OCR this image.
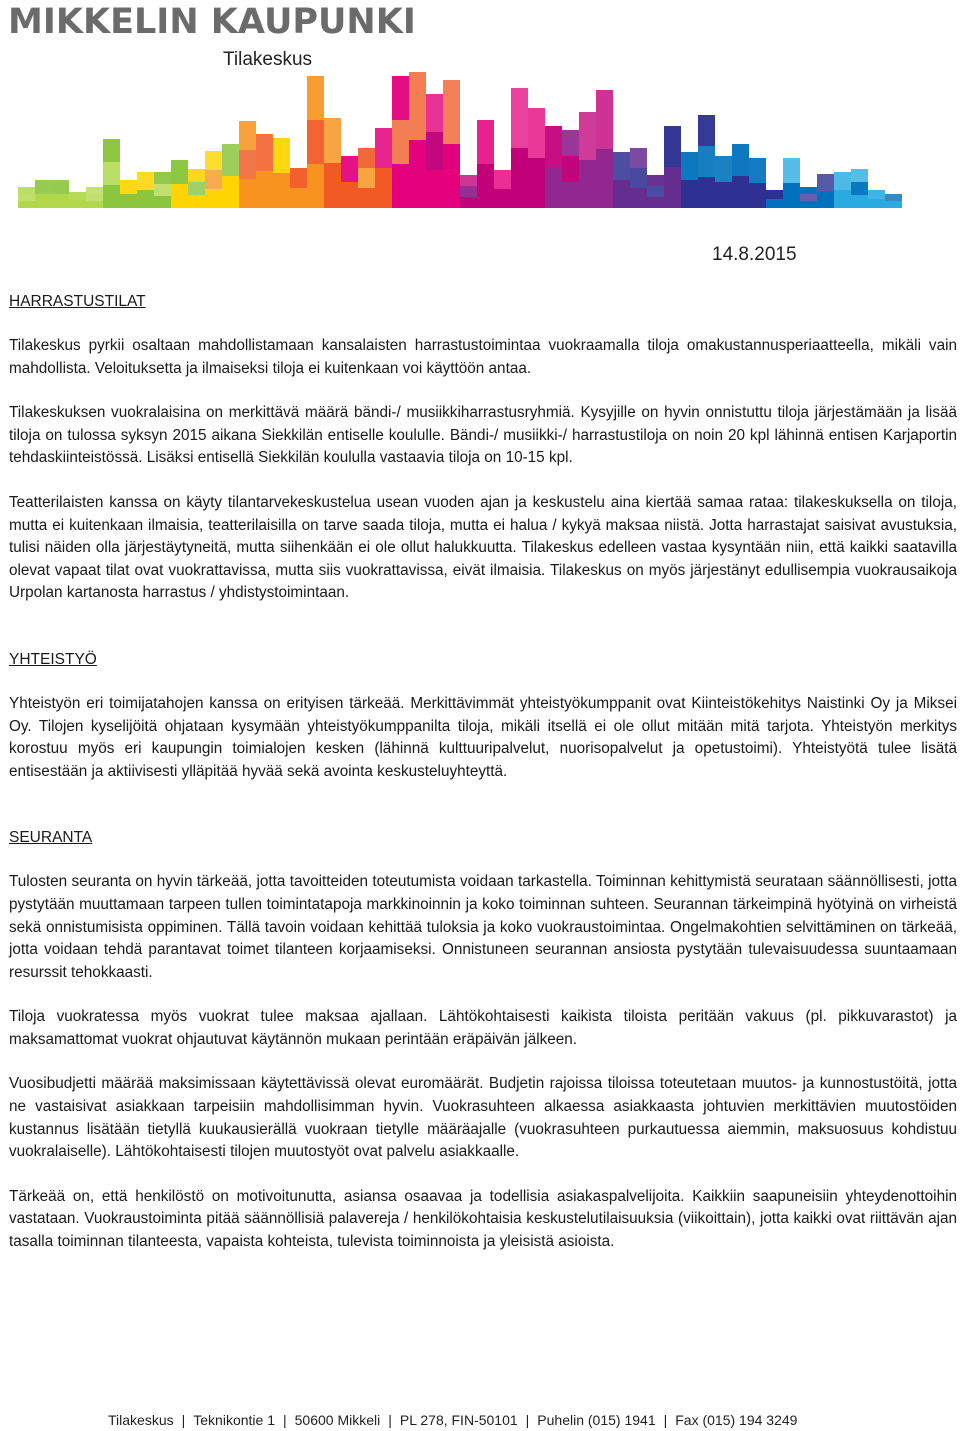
MIKKELIN KAUPUNKI
Tilakeskus
14.8.2015
HARRASTUSTILAT

Tilakeskus pyrkii osaltaan mahdollistamaan kansalaisten harrastustoimintaa vuokraamalla tiloja omakustannusperiaatteella, mikäli vain mahdollista. Veloituksetta ja ilmaiseksi tiloja ei kuitenkaan voi käyttöön antaa.

Tilakeskuksen vuokralaisina on merkittävä määrä bändi-/ musiikkiharrastusryhmiä. Kysyjille on hyvin onnistuttu tiloja järjestämään ja lisää tiloja on tulossa syksyn 2015 aikana Siekkilän entiselle koululle. Bändi-/ musiikki-/ harrastustiloja on noin 20 kpl lähinnä entisen Karjaportin tehdaskiinteistössä. Lisäksi entisellä Siekkilän koululla vastaavia tiloja on 10-15 kpl.

Teatterilaisten kanssa on käyty tilantarvekeskustelua usean vuoden ajan ja keskustelu aina kiertää samaa rataa: tilakeskuksella on tiloja, mutta ei kuitenkaan ilmaisia, teatterilaisilla on tarve saada tiloja, mutta ei halua / kykyä maksaa niistä. Jotta harrastajat saisivat avustuksia, tulisi näiden olla järjestäytyneitä, mutta siihenkään ei ole ollut halukkuutta. Tilakeskus edelleen vastaa kysyntään niin, että kaikki saatavilla olevat vapaat tilat ovat vuokrattavissa, mutta siis vuokrattavissa, eivät ilmaisia. Tilakeskus on myös järjestänyt edullisempia vuokrausaikoja Urpolan kartanosta harrastus / yhdistystoimintaan.

YHTEISTYÖ

Yhteistyön eri toimijatahojen kanssa on erityisen tärkeää. Merkittävimmät yhteistyökumppanit ovat Kiinteistökehitys Naistinki Oy ja Miksei Oy. Tilojen kyselijöitä ohjataan kysymään yhteistyökumppanilta tiloja, mikäli itsellä ei ole ollut mitään mitä tarjota. Yhteistyön merkitys korostuu myös eri kaupungin toimialojen kesken (lähinnä kulttuuripalvelut, nuorisopalvelut ja opetustoimi). Yhteistyötä tulee lisätä entisestään ja aktiivisesti ylläpitää hyvää sekä avointa keskusteluyhteyttä.

SEURANTA

Tulosten seuranta on hyvin tärkeää, jotta tavoitteiden toteutumista voidaan tarkastella. Toiminnan kehittymistä seurataan säännöllisesti, jotta pystytään muuttamaan tarpeen tullen toimintatapoja markkinoinnin ja koko toiminnan suhteen. Seurannan tärkeimpinä hyötyinä on virheistä sekä onnistumisista oppiminen. Tällä tavoin voidaan kehittää tuloksia ja koko vuokraustoimintaa. Ongelmakohtien selvittäminen on tärkeää, jotta voidaan tehdä parantavat toimet tilanteen korjaamiseksi. Onnistuneen seurannan ansiosta pystytään tulevaisuudessa suuntaamaan resurssit tehokkaasti.

Tiloja vuokratessa myös vuokrat tulee maksaa ajallaan. Lähtökohtaisesti kaikista tiloista peritään vakuus (pl. pikkuvarastot) ja maksamattomat vuokrat ohjautuvat käytännön mukaan perintään eräpäivän jälkeen.

Vuosibudjetti määrää maksimissaan käytettävissä olevat euromäärät. Budjetin rajoissa tiloissa toteutetaan muutos- ja kunnostustöitä, jotta ne vastaisivat asiakkaan tarpeisiin mahdollisimman hyvin. Vuokrasuhteen alkaessa asiakkaasta johtuvien merkittävien muutostöiden kustannus lisätään tietyllä kuukausierällä vuokraan tietylle määräajalle (vuokrasuhteen purkautuessa aiemmin, maksuosuus kohdistuu vuokralaiselle). Lähtökohtaisesti tilojen muutostyöt ovat palvelu asiakkaalle.

Tärkeää on, että henkilöstö on motivoitunutta, asiansa osaavaa ja todellisia asiakaspalvelijoita. Kaikkiin saapuneisiin yhteydenottoihin vastataan. Vuokraustoiminta pitää säännöllisiä palavereja / henkilökohtaisia keskustelutilaisuuksia (viikoittain), jotta kaikki ovat riittävän ajan tasalla toiminnan tilanteesta, vapaista kohteista, tulevista toiminnoista ja yleisistä asioista.

Tilakeskus | Teknikontie 1 | 50600 Mikkeli | PL 278, FIN-50101 | Puhelin (015) 1941 | Fax (015) 194 3249
